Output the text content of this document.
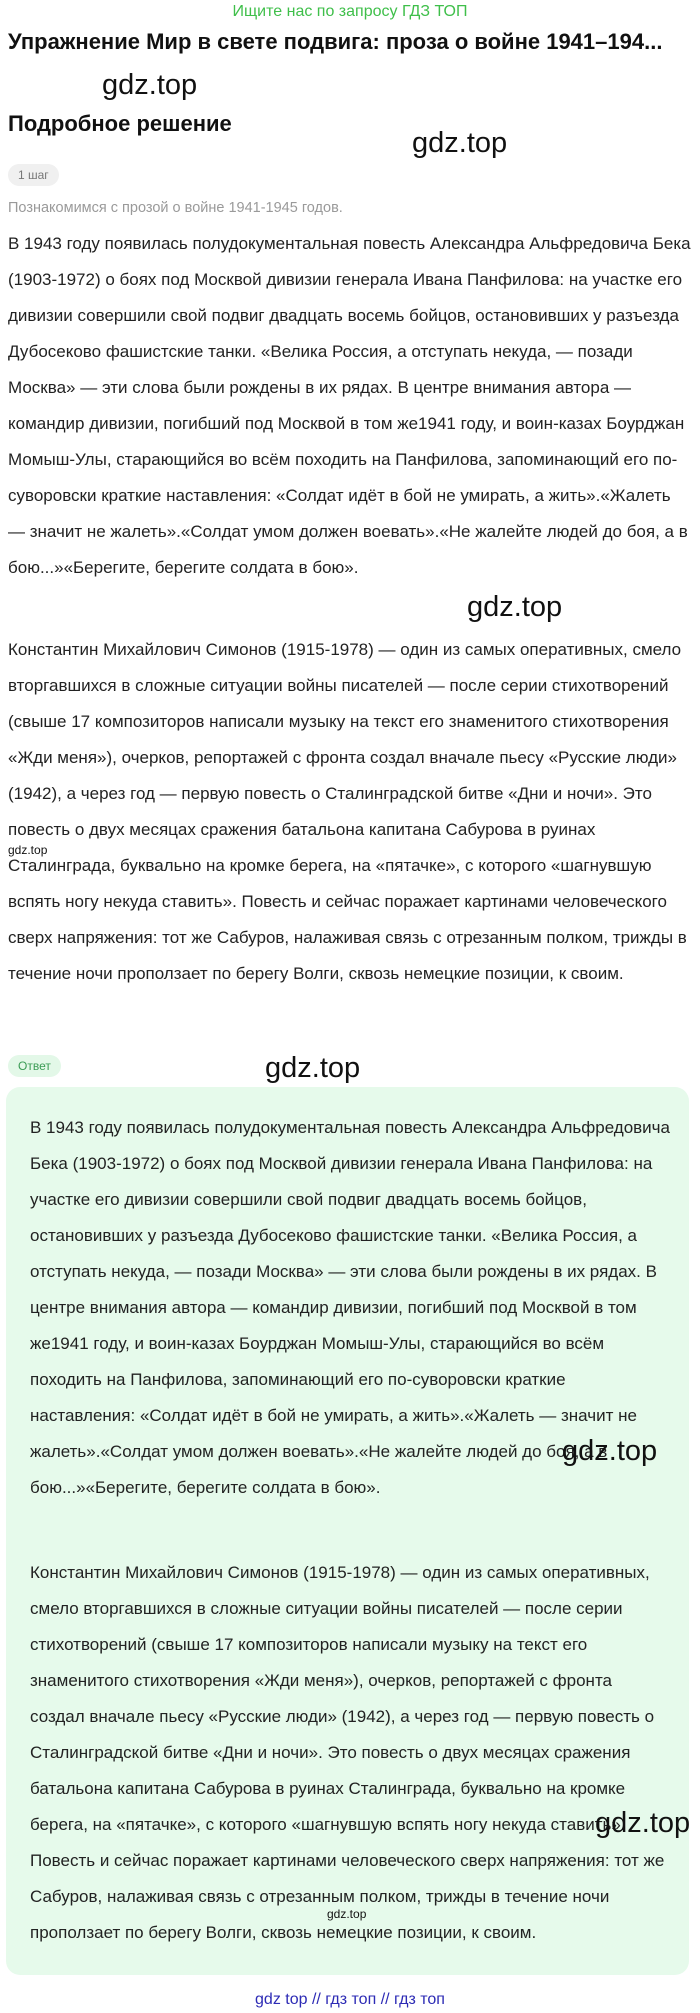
Ищите нас по запросу ГДЗ ТОП
Упражнение Мир в свете подвига: проза о войне 1941–194...
gdz.top
Подробное решение
gdz.top
1 шаг
Познакомимся с прозой о войне 1941-1945 годов.

В 1943 году появилась полудокументальная повесть Александра Альфредовича Бека (1903-1972) о боях под Москвой дивизии генерала Ивана Панфилова: на участке его дивизии совершили свой подвиг двадцать восемь бойцов, остановивших у разъезда Дубосеково фашистские танки. «Велика Россия, а отступать некуда, — позади Москва» — эти слова были рождены в их рядах. В центре внимания автора — командир дивизии, погибший под Москвой в том же1941 году, и воин-казах Боурджан Момыш-Улы, старающийся во всём походить на Панфилова, запоминающий его по-суворовски краткие наставления: «Солдат идёт в бой не умирать, а жить».«Жалеть — значит не жалеть».«Солдат умом должен воевать».«Не жалейте людей до боя, а в бою...»«Берегите, берегите солдата в бою».

gdz.top

Константин Михайлович Симонов (1915-1978) — один из самых оперативных, смело вторгавшихся в сложные ситуации войны писателей — после серии стихотворений (свыше 17 композиторов написали музыку на текст его знаменитого стихотворения «Жди меня»), очерков, репортажей с фронта создал вначале пьесу «Русские люди» (1942), а через год — первую повесть о Сталинградской битве «Дни и ночи». Это повесть о двух месяцах сражения батальона капитана Сабурова в руинах Сталинграда, буквально на кромке берега, на «пятачке», с которого «шагнувшую вспять ногу некуда ставить». Повесть и сейчас поражает картинами человеческого сверх напряжения: тот же Сабуров, налаживая связь с отрезанным полком, трижды в течение ночи проползает по берегу Волги, сквозь немецкие позиции, к своим.

gdz.top
Ответ	gdz.top

В 1943 году появилась полудокументальная повесть Александра Альфредовича Бека (1903-1972) о боях под Москвой дивизии генерала Ивана Панфилова: на участке его дивизии совершили свой подвиг двадцать восемь бойцов, остановивших у разъезда Дубосеково фашистские танки. «Велика Россия, а отступать некуда, — позади Москва» — эти слова были рождены в их рядах. В центре внимания автора — командир дивизии, погибший под Москвой в том же1941 году, и воин-казах Боурджан Момыш-Улы, старающийся во всём походить на Панфилова, запоминающий его по-суворовски краткие наставления: «Солдат идёт в бой не умирать, а жить».«Жалеть — значит не жалеть».«Солдат умом должен воевать».«Не жалейте людей до боя, а в бою...»«Берегите, берегите солдата в бою».

Константин Михайлович Симонов (1915-1978) — один из самых оперативных, смело вторгавшихся в сложные ситуации войны писателей — после серии стихотворений (свыше 17 композиторов написали музыку на текст его знаменитого стихотворения «Жди меня»), очерков, репортажей с фронта создал вначале пьесу «Русские люди» (1942), а через год — первую повесть о Сталинградской битве «Дни и ночи». Это повесть о двух месяцах сражения батальона капитана Сабурова в руинах Сталинграда, буквально на кромке берега, на «пятачке», с которого «шагнувшую вспять ногу некуда ставить». Повесть и сейчас поражает картинами человеческого сверх напряжения: тот же Сабуров, налаживая связь с отрезанным полком, трижды в течение ночи проползает по берегу Волги, сквозь немецкие позиции, к своим.

gdz.top
gdz.top
gdz.top
gdz top // гдз топ // гдз топ
